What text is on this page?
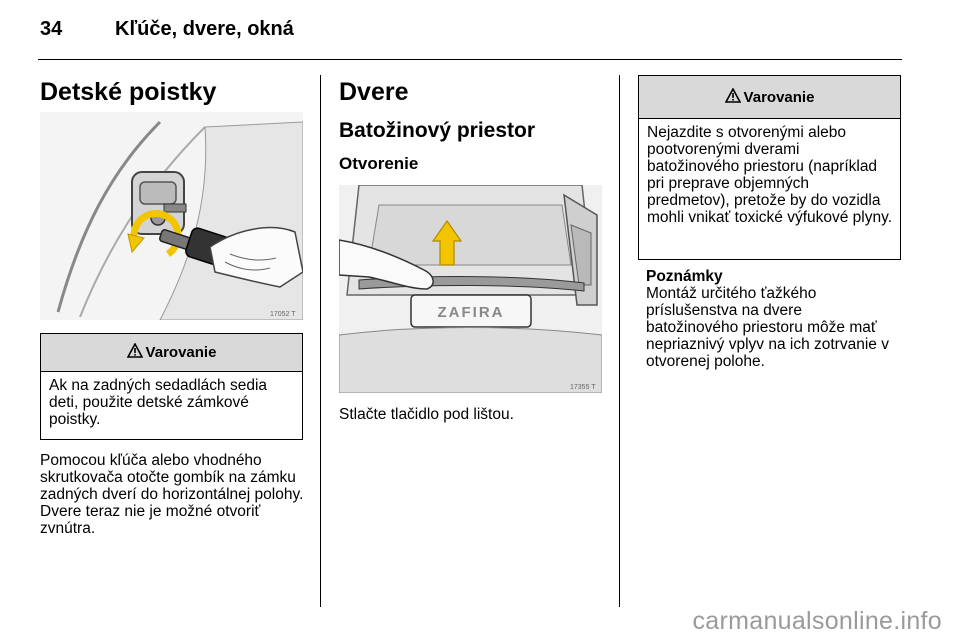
34	Kľúče, dvere, okná
Detské poistky
17052 T
Varovanie
Ak na zadných sedadlách sedia deti, použite detské zámkové poistky.

Pomocou kľúča alebo vhodného skrutkovača otočte gombík na zámku zadných dverí do horizontálnej polohy. Dvere teraz nie je možné otvoriť zvnútra.

Dvere
Batožinový priestor
Otvorenie
ZAFIRA
17355 T

Stlačte tlačidlo pod lištou.

Varovanie
Nejazdite s otvorenými alebo pootvorenými dverami batožinového priestoru (napríklad pri preprave objemných predmetov), pretože by do vozidla mohli vnikať toxické výfukové plyny.
Poznámky

Montáž určitého ťažkého príslušenstva na dvere batožinového priestoru môže mať nepriaznivý vplyv na ich zotrvanie v otvorenej polohe.

carmanualsonline.info
